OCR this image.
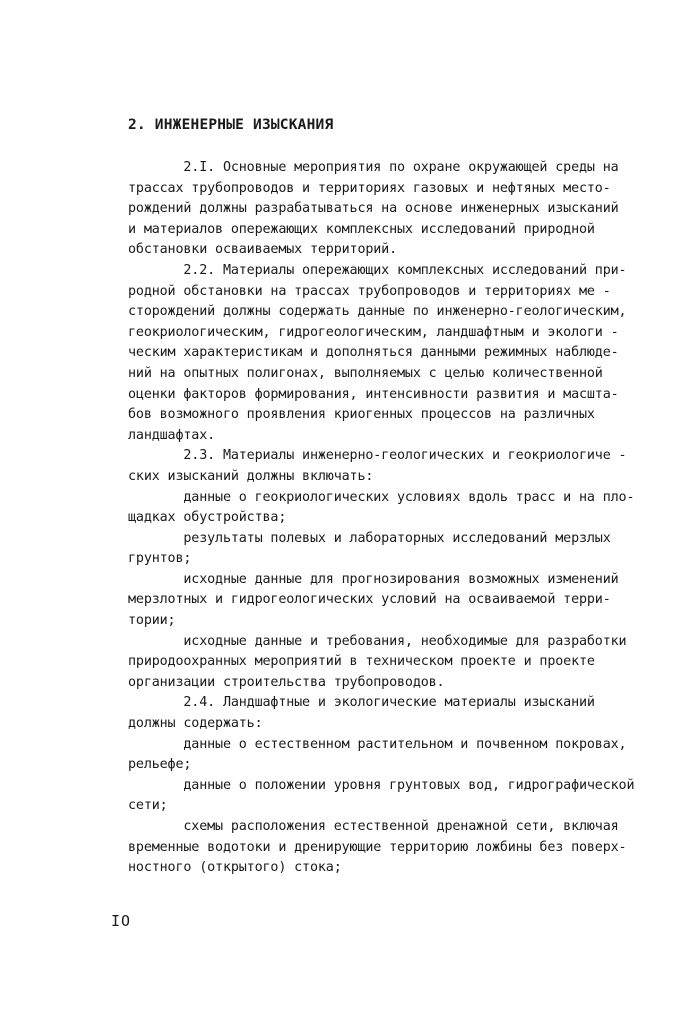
2. ИНЖЕНЕРНЫЕ ИЗЫСКАНИЯ
2.I. Основные мероприятия по охране окружающей среды на
трассах трубопроводов и территориях газовых и нефтяных место-
рождений должны разрабатываться на основе инженерных изысканий
и материалов опережающих комплексных исследований природной
обстановки осваиваемых территорий.
2.2. Материалы опережающих комплексных исследований при-
родной обстановки на трассах трубопроводов и территориях ме -
сторождений должны содержать данные по инженерно-геологическим,
геокриологическим, гидрогеологическим, ландшафтным и экологи -
ческим характеристикам и дополняться данными режимных наблюде-
ний на опытных полигонах, выполняемых с целью количественной
оценки факторов формирования, интенсивности развития и масшта-
бов возможного проявления криогенных процессов на различных
ландшафтах.
2.3. Материалы инженерно-геологических и геокриологиче -
ских изысканий должны включать:
данные о геокриологических условиях вдоль трасс и на пло-
щадках обустройства;
результаты полевых и лабораторных исследований мерзлых
грунтов;
исходные данные для прогнозирования возможных изменений
мерзлотных и гидрогеологических условий на осваиваемой терри-
тории;
исходные данные и требования, необходимые для разработки
природоохранных мероприятий в техническом проекте и проекте
организации строительства трубопроводов.
2.4. Ландшафтные и экологические материалы изысканий
должны содержать:
данные о естественном растительном и почвенном покровах,
рельефе;
данные о положении уровня грунтовых вод, гидрографической
сети;
схемы расположения естественной дренажной сети, включая
временные водотоки и дренирующие территорию ложбины без поверх-
ностного (открытого) стока;
IO
